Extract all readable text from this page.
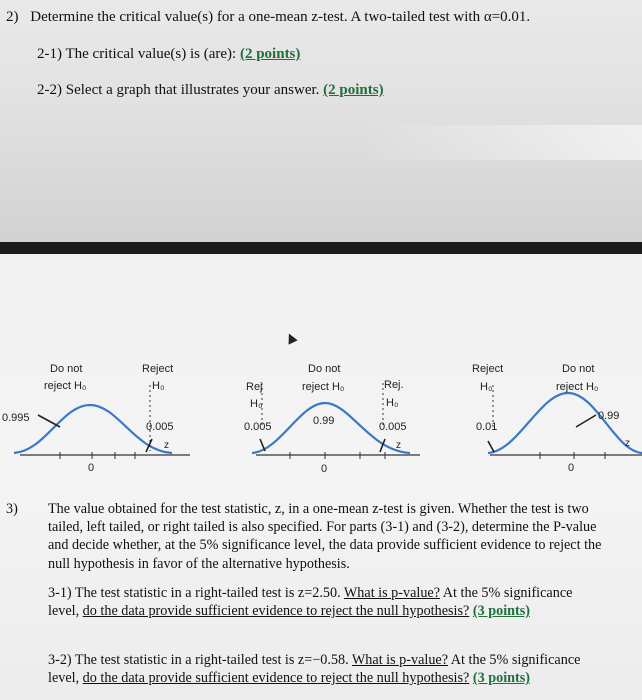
2) Determine the critical value(s) for a one-mean z-test. A two-tailed test with α=0.01.
2-1) The critical value(s) is (are): (2 points)
2-2) Select a graph that illustrates your answer. (2 points)
Do not
reject H₀
Reject
H₀
0.995
0.005
0
z
Rej
H₀
Do not
reject H₀	Rej.
H₀
0.005	0.99	0.005
0
z
Reject
H₀
Do not
reject H₀
0.01
0.99
0
z
3) The value obtained for the test statistic, z, in a one-mean z-test is given. Whether the test is two
tailed, left tailed, or right tailed is also specified. For parts (3-1) and (3-2), determine the P-value
and decide whether, at the 5% significance level, the data provide sufficient evidence to reject the
null hypothesis in favor of the alternative hypothesis.
3-1) The test statistic in a right-tailed test is z=2.50. What is p-value? At the 5% significance
level, do the data provide sufficient evidence to reject the null hypothesis? (3 points)
3-2) The test statistic in a right-tailed test is z=−0.58. What is p-value? At the 5% significance
level, do the data provide sufficient evidence to reject the null hypothesis? (3 points)
